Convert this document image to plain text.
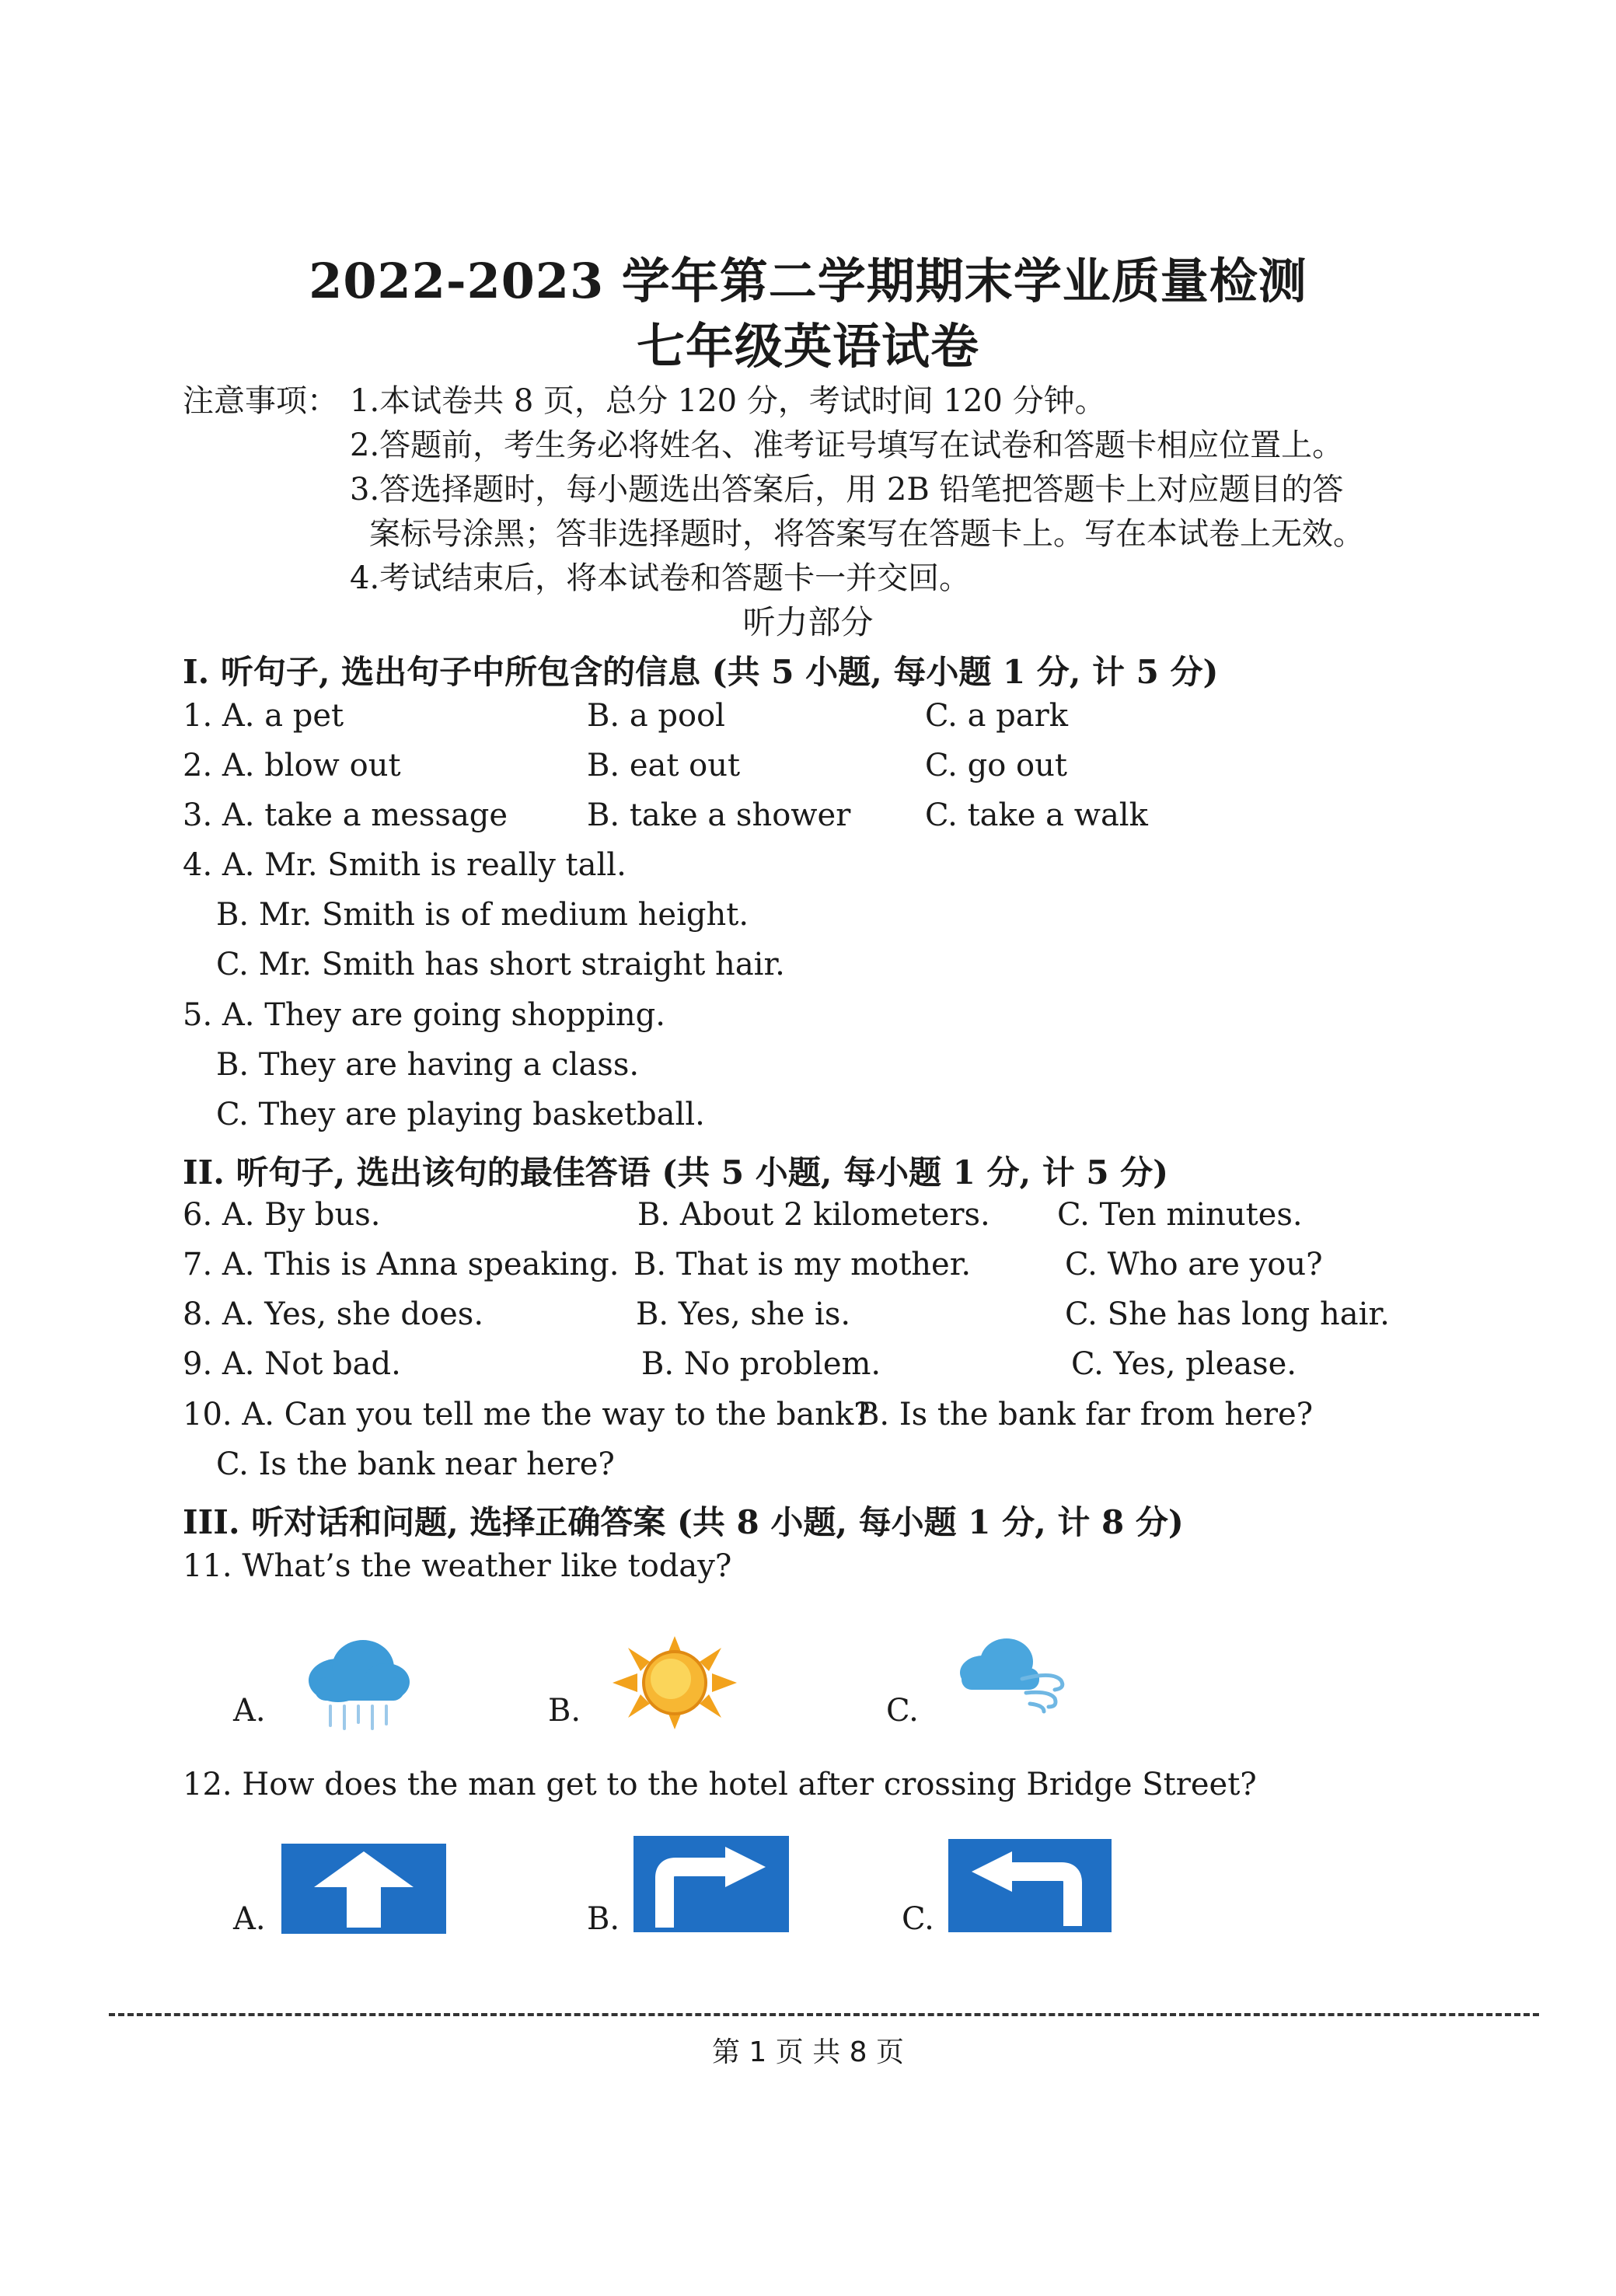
2022-2023 学年第二学期期末学业质量检测
七年级英语试卷
注意事项： 1.本试卷共 8 页，总分 120 分，考试时间 120 分钟。
2.答题前，考生务必将姓名、准考证号填写在试卷和答题卡相应位置上。
3.答选择题时，每小题选出答案后，用 2B 铅笔把答题卡上对应题目的答
案标号涂黑；答非选择题时，将答案写在答题卡上。写在本试卷上无效。
4.考试结束后，将本试卷和答题卡一并交回。
听力部分
I. 听句子, 选出句子中所包含的信息 (共 5 小题, 每小题 1 分, 计 5 分)
1. A. a pet	B. a pool	C. a park
2. A. blow out	B. eat out	C. go out
3. A. take a message	B. take a shower C. take a walk
4. A. Mr. Smith is really tall.
B. Mr. Smith is of medium height.
C. Mr. Smith has short straight hair.
5. A. They are going shopping.
B. They are having a class.
C. They are playing basketball.
II. 听句子, 选出该句的最佳答语 (共 5 小题, 每小题 1 分, 计 5 分)
6. A. By bus.	B. About 2 kilometers. C. Ten minutes.
7. A. This is Anna speaking. B. That is my mother.	C. Who are you?
8. A. Yes, she does.	B. Yes, she is.	C. She has long hair.
9. A. Not bad.	B. No problem.	C. Yes, please.
10. A. Can you tell me the way to the bank?
B. Is the bank far from here?
C. Is the bank near here?
III. 听对话和问题, 选择正确答案 (共 8 小题, 每小题 1 分, 计 8 分)
11. What’s the weather like today?
A.	B.	C.
12. How does the man get to the hotel after crossing Bridge Street?
A.	B.	C.
第 1 页 共 8 页
